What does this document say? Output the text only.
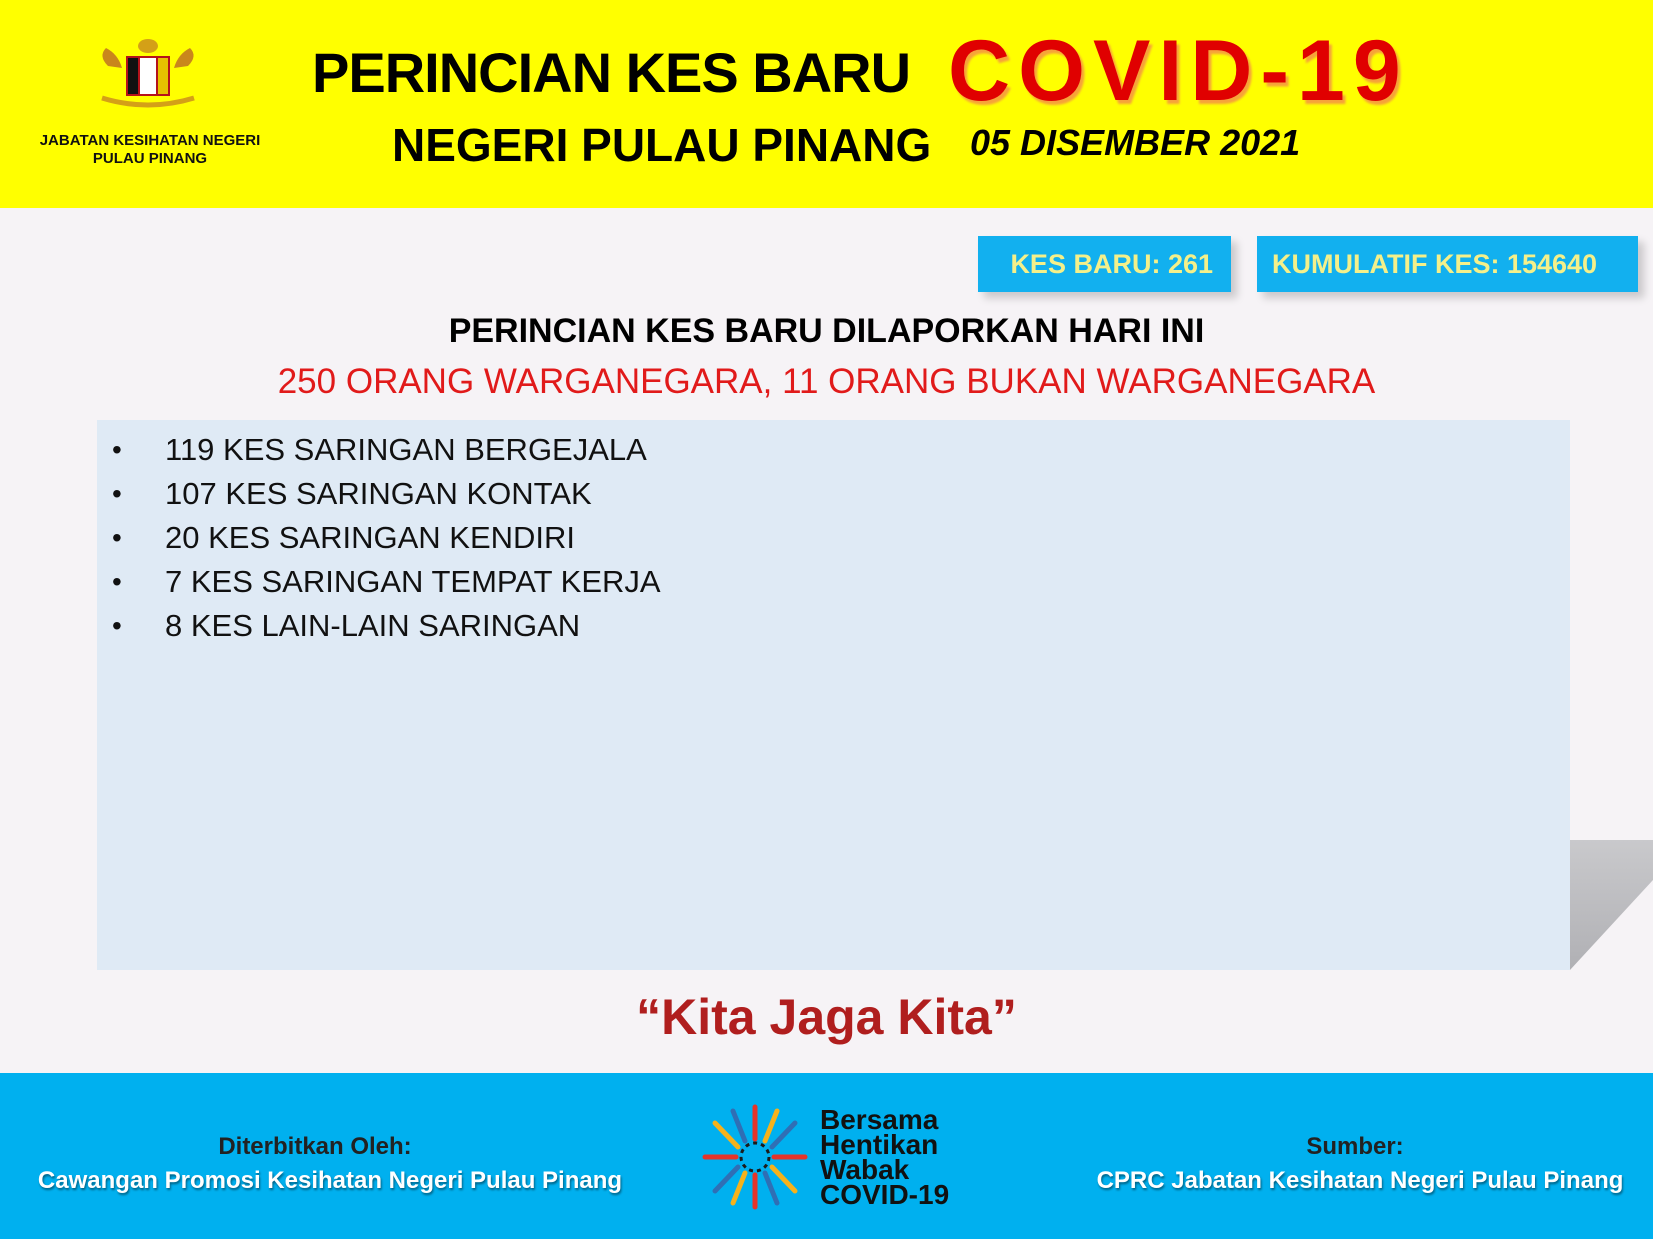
JABATAN KESIHATAN NEGERI
PULAU PINANG
PERINCIAN KES BARU COVID-19
NEGERI PULAU PINANG 05 DISEMBER 2021
KES BARU: 261	KUMULATIF KES: 154640
PERINCIAN KES BARU DILAPORKAN HARI INI
250 ORANG WARGANEGARA, 11 ORANG BUKAN WARGANEGARA
• 119 KES SARINGAN BERGEJALA
• 107 KES SARINGAN KONTAK
• 20 KES SARINGAN KENDIRI
• 7 KES SARINGAN TEMPAT KERJA
• 8 KES LAIN-LAIN SARINGAN
“Kita Jaga Kita”
Diterbitkan Oleh:
Cawangan Promosi Kesihatan Negeri Pulau Pinang
Bersama
Hentikan
Wabak
COVID-19
Sumber:
CPRC Jabatan Kesihatan Negeri Pulau Pinang
